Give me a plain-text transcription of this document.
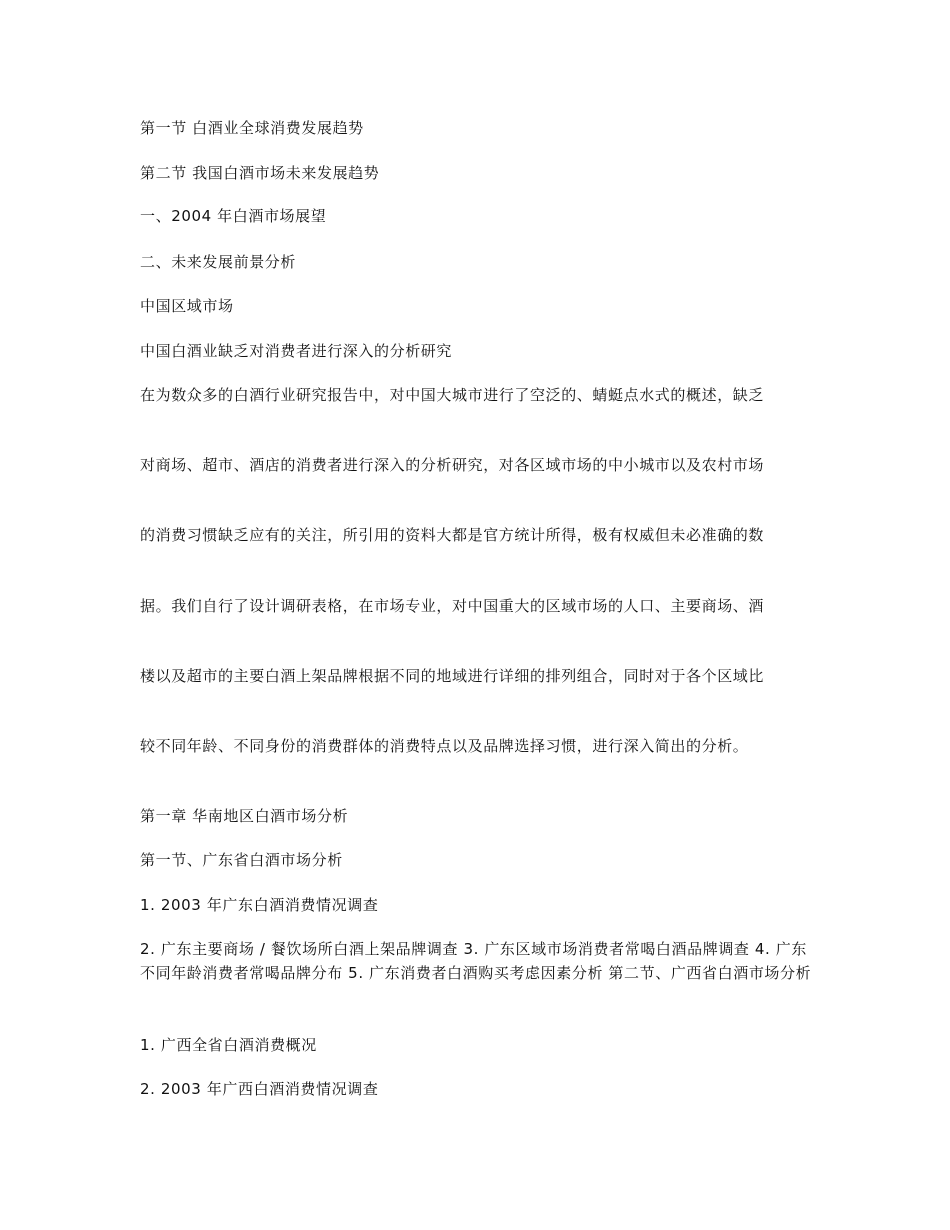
第一节 白酒业全球消费发展趋势
第二节 我国白酒市场未来发展趋势
一、2004 年白酒市场展望
二、未来发展前景分析
中国区域市场
中国白酒业缺乏对消费者进行深入的分析研究
在为数众多的白酒行业研究报告中，对中国大城市进行了空泛的、蜻蜓点水式的概述，缺乏
对商场、超市、酒店的消费者进行深入的分析研究，对各区域市场的中小城市以及农村市场
的消费习惯缺乏应有的关注，所引用的资料大都是官方统计所得，极有权威但未必准确的数
据。我们自行了设计调研表格，在市场专业，对中国重大的区域市场的人口、主要商场、酒
楼以及超市的主要白酒上架品牌根据不同的地域进行详细的排列组合，同时对于各个区域比
较不同年龄、不同身份的消费群体的消费特点以及品牌选择习惯，进行深入简出的分析。
第一章 华南地区白酒市场分析
第一节、广东省白酒市场分析
1. 2003 年广东白酒消费情况调查
2. 广东主要商场 / 餐饮场所白酒上架品牌调查 3. 广东区域市场消费者常喝白酒品牌调查 4. 广东不同年龄消费者常喝品牌分布 5. 广东消费者白酒购买考虑因素分析 第二节、广西省白酒市场分析
1. 广西全省白酒消费概况
2. 2003 年广西白酒消费情况调查
